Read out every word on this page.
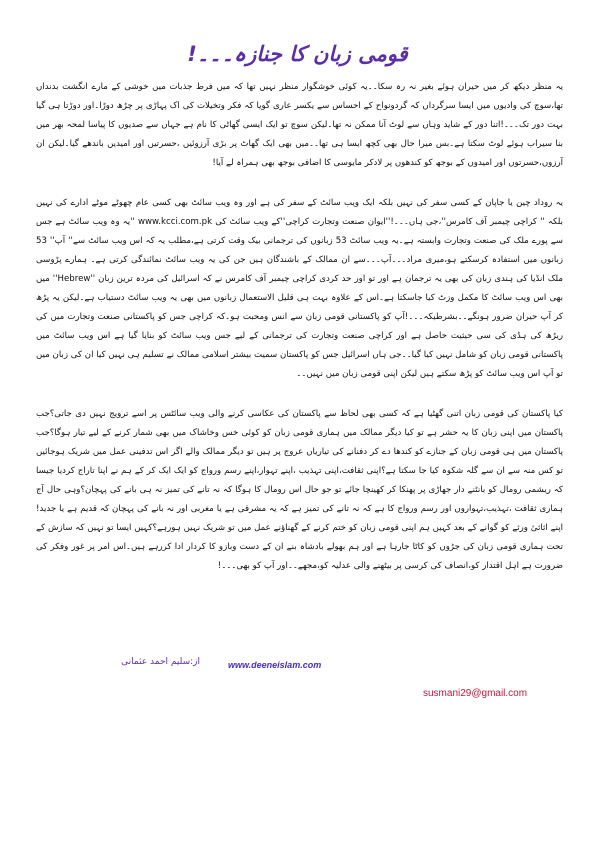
قومی زبان کا جنازہ۔۔۔!

یہ منظر دیکھ کر میں حیران ہوئے بغیر نہ رہ سکا۔۔یہ کوئی خوشگوار منظر نہیں تھا کہ میں فرط جذبات میں خوشی کے مارے انگشت بدنداں تھا،سوچ کی وادیوں میں ایسا سرگرداں کہ گردونواح کے احساس سے یکسر عاری گویا کہ فکر وتخیلات کی اک پہاڑی پر چڑھ دوڑا۔اور دوڑتا ہی گیا بہت دور تک۔۔۔!اتنا دور کے شاید وہاں سے لوٹ آنا ممکن نہ تھا۔لیکن سوچ تو ایک ایسی گھاٹی کا نام ہے جہاں سے صدیوں کا پیاسا لمحہ بھر میں بنا سیراب ہوئے لوٹ سکتا ہے۔بس میرا حال بھی کچھ ایسا ہی تھا۔۔میں بھی ایک گھاٹ پر بڑی آرزوئیں ،حسرتیں اور امیدیں باندھے گیا۔لیکن ان آرزوں،حسرتوں اور امیدوں کے بوجھ کو کندھوں پر لادکر مایوسی کا اضافی بوجھ بھی ہمراہ لے آیا!

یہ روداد چین یا جاپان کے کسی سفر کی نہیں بلکہ ایک ویب سائٹ کے سفر کی ہے اور وہ ویب سائٹ بھی کسی عام چھوٹے موٹے ادارے کی نہیں بلکہ '' کراچی چیمبر آف کامرس''،جی ہاں۔۔۔!''ایوان صنعت وتجارت کراچی''کے ویب سائٹ کی www.kcci.com.pk ''یہ وہ ویب سائٹ ہے جس سے پورے ملک کی صنعت وتجارت وابستہ ہے۔یہ ویب سائٹ 53 زبانوں کی ترجمانی بیک وقت کرتی ہے،مطلب یہ کہ اس ویب سائٹ سے'' آپ'' 53 زبانوں میں استفادہ کرسکتے ہو،میری مراد۔۔۔آپ۔۔۔سے ان ممالک کے باشندگان ہیں جن کی یہ ویب سائٹ نمائندگی کرتی ہے۔ ہمارے پڑوسی ملک انڈیا کی ہندی زبان کی بھی یہ ترجمان ہے اور تو اور حد کردی کراچی چیمبر آف کامرس نے کہ اسرائیل کی مردہ ترین زبان ''Hebrew'' میں بھی اس ویب سائٹ کا مکمل وزٹ کیا جاسکتا ہے۔اس کے علاوہ بہت ہی قلیل الاستعمال زبانوں میں بھی یہ ویب سائٹ دستیاب ہے۔لیکن یہ پڑھ کر آپ حیران ضرور ہونگے۔۔بشرطیکہ۔۔۔!آپ کو پاکستانی قومی زبان سے انس ومحبت ہو۔کہ کراچی جس کو پاکستانی صنعت وتجارت میں کی ریڑھ کی ہڈی کی سی حیثیت حاصل ہے اور کراچی صنعت وتجارت کی ترجمانی کے لیے جس ویب سائٹ کو بنایا گیا ہے اس ویب سائٹ میں پاکستانی قومی زبان کو شامل نہیں کیا گیا۔۔جی ہاں اسرائیل جس کو پاکستان سمیت بیشتر اسلامی ممالک نے تسلیم ہی نہیں کیا ان کی زبان میں تو آپ اس ویب سائٹ کو پڑھ سکتے ہیں لیکن اپنی قومی زبان میں نہیں۔۔

کیا پاکستان کی قومی زبان اتنی گھٹیا ہے کہ کسی بھی لحاظ سے پاکستان کی عکاسی کرنے والی ویب سائٹس پر اسے ترویج نہیں دی جاتی؟جب پاکستان میں اپنی زبان کا یہ حشر ہے تو کیا دیگر ممالک میں ہماری قومی زبان کو کوئی خس وخاشاک میں بھی شمار کرنے کے لیے تیار ہوگا؟جب پاکستان میں ہی قومی زبان کے جنازے کو کندھا دے کر دفنانے کی تیاریاں عروج پر ہیں تو دیگر ممالک والے اگر اس تدفینی عمل میں شریک ہوجائیں تو کس منہ سے ان سے گلہ شکوہ کیا جا سکتا ہے؟اپنی ثقافت،اپنی تہذیب ،اپنے تہوار،اپنے رسم ورواج کو ایک ایک کر کے ہم نے اپنا تاراج کردیا جیسا کہ ریشمی رومال کو بانٹنے دار جھاڑی پر پھنکا کر کھینچا جائے تو جو حال اس رومال کا ہوگا کہ نہ تانے کی تمیز نہ ہی بانے کی پہچان؟وہی حال آج ہماری ثقافت ،تہذیب،تہواروں اور رسم ورواج کا ہے کہ نہ تانے کی تمیز ہے کہ یہ مشرقی ہے یا مغربی اور نہ بانے کی پہچان کہ قدیم ہے یا جدید!اپنے اثاثیٔ ورثے کو گوانے کے بعد کہیں ہم اپنی قومی زبان کو ختم کرنے کے گھناؤنے عمل میں تو شریک نہیں ہورہے؟کہیں ایسا تو نہیں کہ سازش کے تحت ہماری قومی زبان کی جڑوں کو کاٹا جارہا ہے اور ہم بھولے بادشاہ بنے ان کے دست وبازو کا کردار ادا کررہے ہیں۔اس امر پر غور وفکر کی ضرورت ہے اہل اقتدار کو،انصاف کی کرسی پر بیٹھنے والی عدلیہ کو،مجھے۔۔اور آپ کو بھی۔۔۔!

از:سلیم احمد عثمانی	www.deeneislam.com
susmani29@gmail.com
